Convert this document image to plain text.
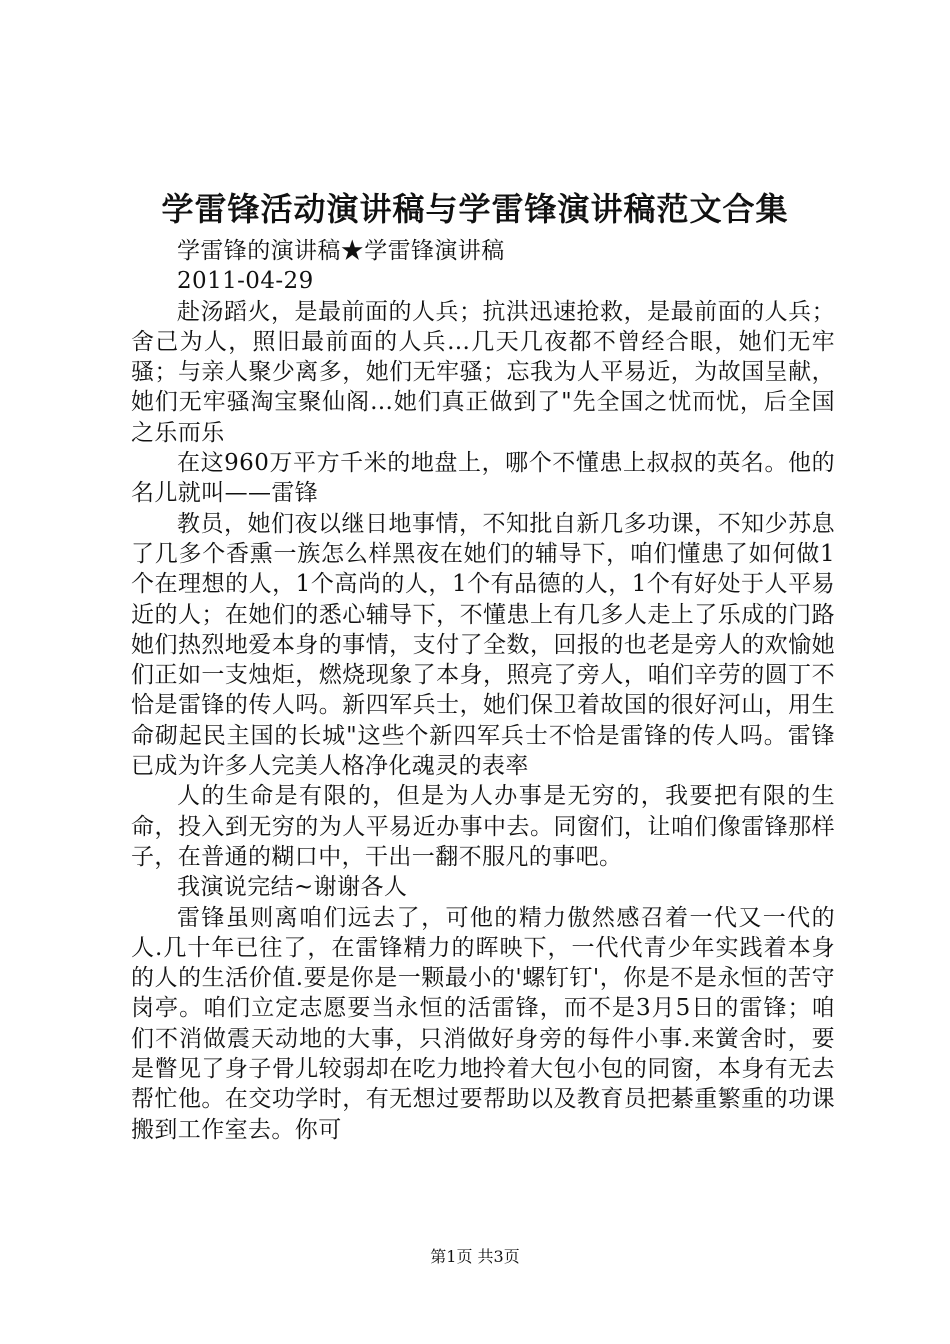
学雷锋活动演讲稿与学雷锋演讲稿范文合集

学雷锋的演讲稿★学雷锋演讲稿

2011-04-29

赴汤蹈火，是最前面的人兵；抗洪迅速抢救，是最前面的人兵；舍己为人，照旧最前面的人兵…几天几夜都不曾经合眼，她们无牢骚；与亲人聚少离多，她们无牢骚；忘我为人平易近，为故国呈献，她们无牢骚淘宝聚仙阁…她们真正做到了"先全国之忧而忧，后全国之乐而乐

在这960万平方千米的地盘上，哪个不懂患上叔叔的英名。他的名儿就叫——雷锋

教员，她们夜以继日地事情，不知批自新几多功课，不知少苏息了几多个香熏一族怎么样黑夜在她们的辅导下，咱们懂患了如何做1个在理想的人，1个高尚的人，1个有品德的人，1个有好处于人平易近的人；在她们的悉心辅导下，不懂患上有几多人走上了乐成的门路她们热烈地爱本身的事情，支付了全数，回报的也老是旁人的欢愉她们正如一支烛炬，燃烧现象了本身，照亮了旁人，咱们辛劳的圆丁不恰是雷锋的传人吗。新四军兵士，她们保卫着故国的很好河山，用生命砌起民主国的长城"这些个新四军兵士不恰是雷锋的传人吗。雷锋已成为许多人完美人格净化魂灵的表率

人的生命是有限的，但是为人办事是无穷的，我要把有限的生命，投入到无穷的为人平易近办事中去。同窗们，让咱们像雷锋那样子，在普通的糊口中，干出一翻不服凡的事吧。

我演说完结~谢谢各人

雷锋虽则离咱们远去了，可他的精力傲然感召着一代又一代的人.几十年已往了，在雷锋精力的晖映下，一代代青少年实践着本身的人的生活价值.要是你是一颗最小的'螺钉钉'，你是不是永恒的苦守岗亭。咱们立定志愿要当永恒的活雷锋，而不是3月5日的雷锋；咱们不消做震天动地的大事，只消做好身旁的每件小事.来黉舍时，要是瞥见了身子骨儿较弱却在吃力地拎着大包小包的同窗，本身有无去帮忙他。在交功学时，有无想过要帮助以及教育员把綦重繁重的功课搬到工作室去。你可

第1页 共3页
